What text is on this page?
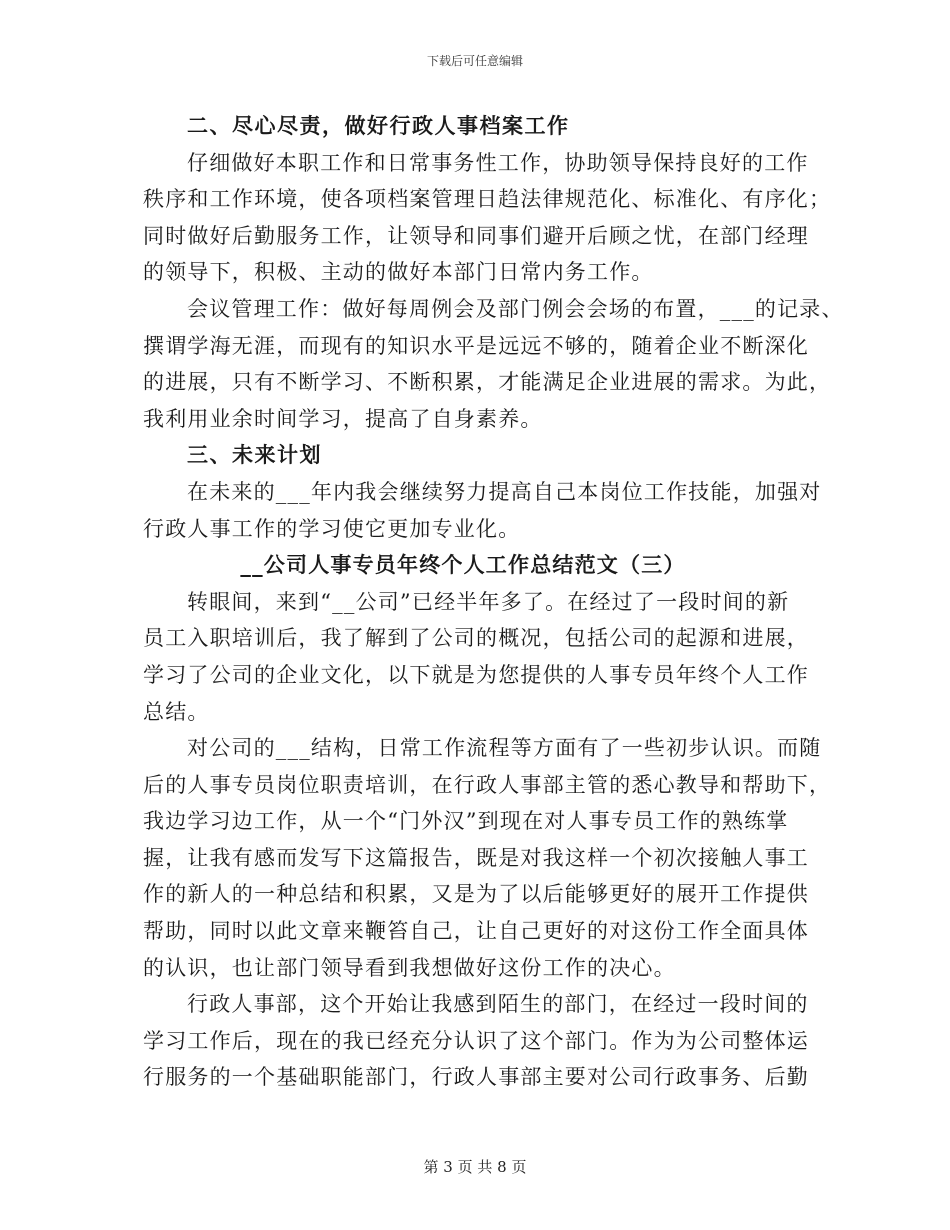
下载后可任意编辑
二、尽心尽责，做好行政人事档案工作
仔细做好本职工作和日常事务性工作，协助领导保持良好的工作
秩序和工作环境，使各项档案管理日趋法律规范化、标准化、有序化；
同时做好后勤服务工作，让领导和同事们避开后顾之忧，在部门经理
的领导下，积极、主动的做好本部门日常内务工作。
会议管理工作：做好每周例会及部门例会会场的布置，___的记录、
撰谓学海无涯，而现有的知识水平是远远不够的，随着企业不断深化
的进展，只有不断学习、不断积累，才能满足企业进展的需求。为此，
我利用业余时间学习，提高了自身素养。
三、未来计划
在未来的___年内我会继续努力提高自己本岗位工作技能，加强对
行政人事工作的学习使它更加专业化。
__公司人事专员年终个人工作总结范文（三）
转眼间，来到“__公司”已经半年多了。在经过了一段时间的新
员工入职培训后，我了解到了公司的概况，包括公司的起源和进展，
学习了公司的企业文化，以下就是为您提供的人事专员年终个人工作
总结。
对公司的___结构，日常工作流程等方面有了一些初步认识。而随
后的人事专员岗位职责培训，在行政人事部主管的悉心教导和帮助下，
我边学习边工作，从一个“门外汉”到现在对人事专员工作的熟练掌
握，让我有感而发写下这篇报告，既是对我这样一个初次接触人事工
作的新人的一种总结和积累，又是为了以后能够更好的展开工作提供
帮助，同时以此文章来鞭笞自己，让自己更好的对这份工作全面具体
的认识，也让部门领导看到我想做好这份工作的决心。
行政人事部，这个开始让我感到陌生的部门，在经过一段时间的
学习工作后，现在的我已经充分认识了这个部门。作为为公司整体运
行服务的一个基础职能部门，行政人事部主要对公司行政事务、后勤
第 3 页 共 8 页
